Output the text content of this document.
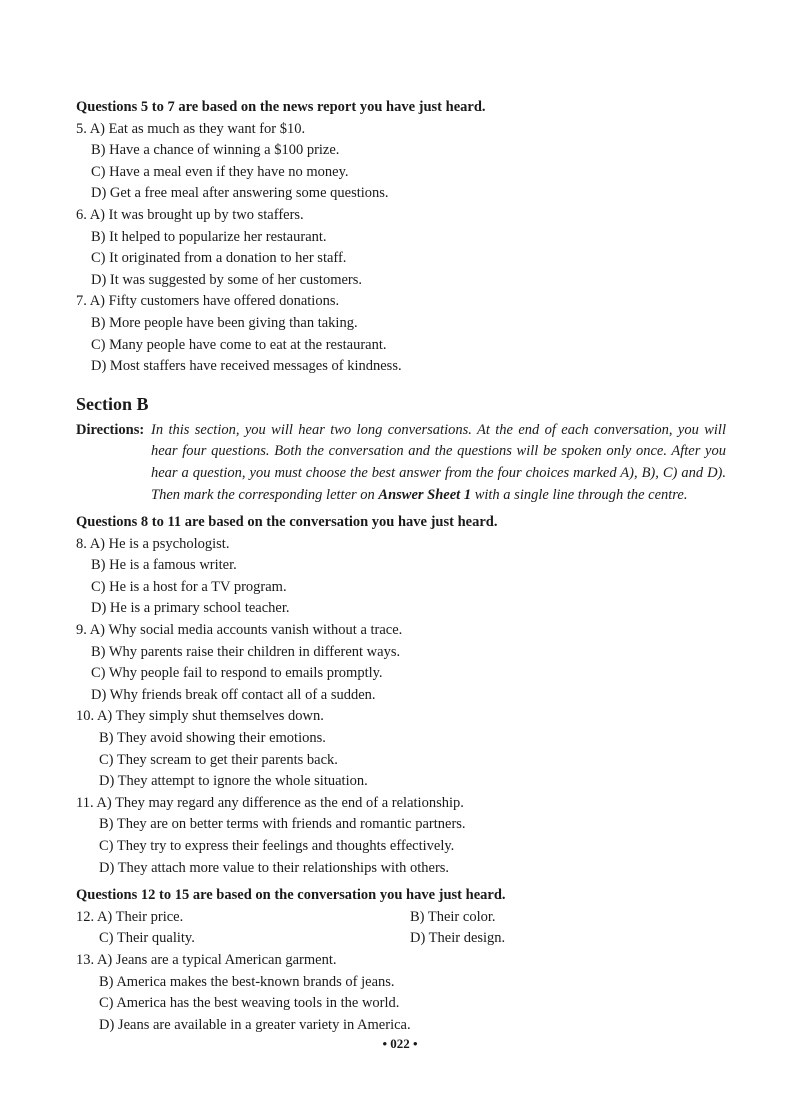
Questions 5 to 7 are based on the news report you have just heard.
5. A) Eat as much as they want for $10.
B) Have a chance of winning a $100 prize.
C) Have a meal even if they have no money.
D) Get a free meal after answering some questions.
6. A) It was brought up by two staffers.
B) It helped to popularize her restaurant.
C) It originated from a donation to her staff.
D) It was suggested by some of her customers.
7. A) Fifty customers have offered donations.
B) More people have been giving than taking.
C) Many people have come to eat at the restaurant.
D) Most staffers have received messages of kindness.
Section B
Directions: In this section, you will hear two long conversations. At the end of each conversation, you will hear four questions. Both the conversation and the questions will be spoken only once. After you hear a question, you must choose the best answer from the four choices marked A), B), C) and D). Then mark the corresponding letter on Answer Sheet 1 with a single line through the centre.
Questions 8 to 11 are based on the conversation you have just heard.
8. A) He is a psychologist.
B) He is a famous writer.
C) He is a host for a TV program.
D) He is a primary school teacher.
9. A) Why social media accounts vanish without a trace.
B) Why parents raise their children in different ways.
C) Why people fail to respond to emails promptly.
D) Why friends break off contact all of a sudden.
10. A) They simply shut themselves down.
B) They avoid showing their emotions.
C) They scream to get their parents back.
D) They attempt to ignore the whole situation.
11. A) They may regard any difference as the end of a relationship.
B) They are on better terms with friends and romantic partners.
C) They try to express their feelings and thoughts effectively.
D) They attach more value to their relationships with others.
Questions 12 to 15 are based on the conversation you have just heard.
12. A) Their price.	B) Their color.
C) Their quality.	D) Their design.
13. A) Jeans are a typical American garment.
B) America makes the best-known brands of jeans.
C) America has the best weaving tools in the world.
D) Jeans are available in a greater variety in America.
• 022 •
